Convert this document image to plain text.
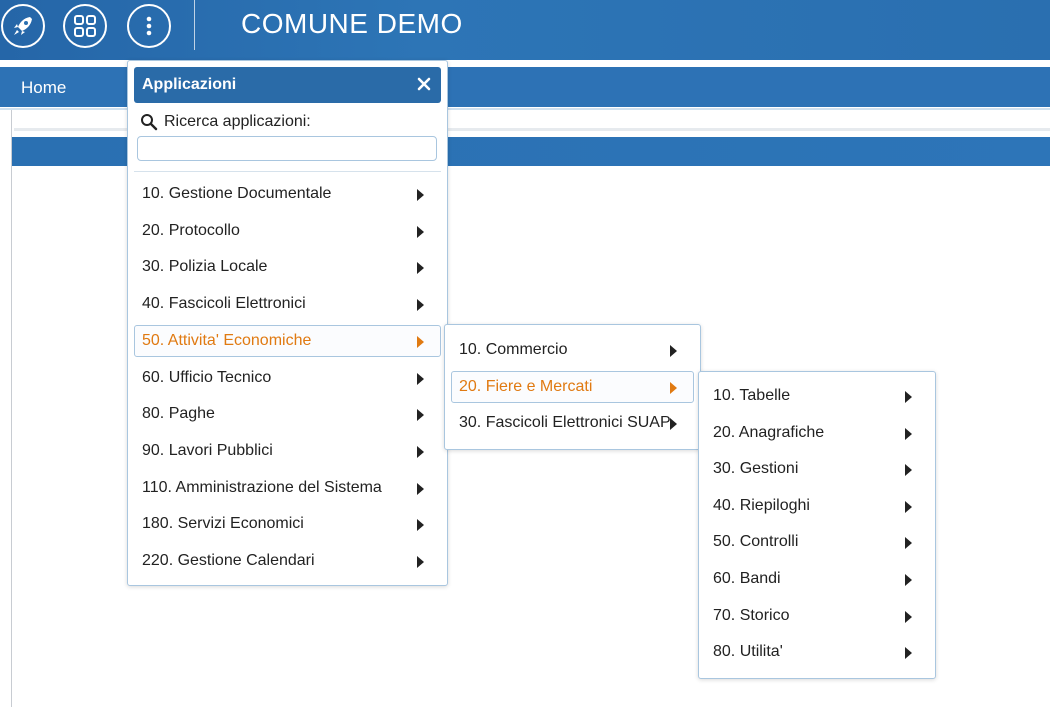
COMUNE DEMO
Home	Applicazioni
Ricerca applicazioni:
10. Gestione Documentale
20. Protocollo
30. Polizia Locale
40. Fascicoli Elettronici
50. Attivita' Economiche
60. Ufficio Tecnico
80. Paghe
90. Lavori Pubblici
110. Amministrazione del Sistema
180. Servizi Economici
220. Gestione Calendari
10. Commercio
20. Fiere e Mercati
30. Fascicoli Elettronici SUAP
10. Tabelle
20. Anagrafiche
30. Gestioni
40. Riepiloghi
50. Controlli
60. Bandi
70. Storico
80. Utilita'
